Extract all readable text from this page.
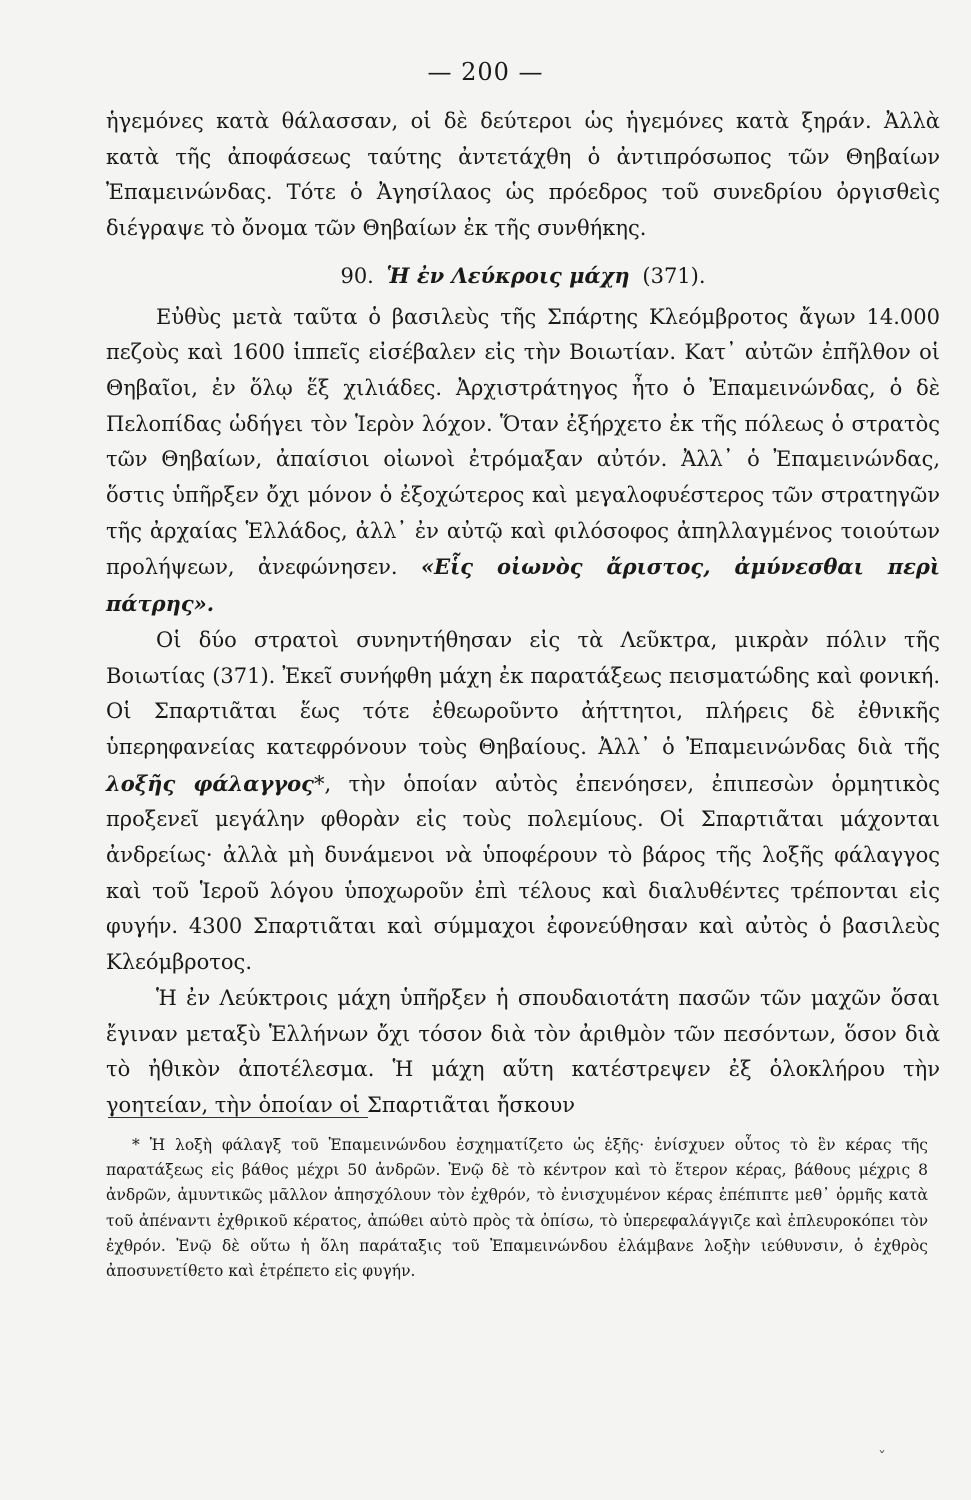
— 200 —

ἡγεμόνες κατὰ θάλασσαν, οἱ δὲ δεύτεροι ὡς ἡγεμόνες κατὰ ξηράν. Ἀλλὰ κατὰ τῆς ἀποφάσεως ταύτης ἀντετάχθη ὁ ἀντιπρόσωπος τῶν Θηβαίων Ἐπαμεινώνδας. Τότε ὁ Ἀγησίλαος ὡς πρόεδρος τοῦ συνεδρίου ὀργισθεὶς διέγραψε τὸ ὄνομα τῶν Θηβαίων ἐκ τῆς συνθήκης.

90. Ἡ ἐν Λεύκροις μάχη (371).

Εὐθὺς μετὰ ταῦτα ὁ βασιλεὺς τῆς Σπάρτης Κλεόμβροτος ἄγων 14.000 πεζοὺς καὶ 1600 ἱππεῖς εἰσέβαλεν εἰς τὴν Βοιωτίαν. Κατ᾽ αὐτῶν ἐπῆλθον οἱ Θηβαῖοι, ἐν ὅλῳ ἕξ χιλιάδες. Ἀρχιστράτηγος ἦτο ὁ Ἐπαμεινώνδας, ὁ δὲ Πελοπίδας ὡδήγει τὸν Ἱερὸν λόχον. Ὅταν ἐξήρχετο ἐκ τῆς πόλεως ὁ στρατὸς τῶν Θηβαίων, ἀπαίσιοι οἰωνοὶ ἐτρόμαξαν αὐτόν. Ἀλλ᾽ ὁ Ἐπαμεινώνδας, ὅστις ὑπῆρξεν ὄχι μόνον ὁ ἐξοχώτερος καὶ μεγαλοφυέστερος τῶν στρατηγῶν τῆς ἀρχαίας Ἑλλάδος, ἀλλ᾽ ἐν αὐτῷ καὶ φιλόσοφος ἀπηλλαγμένος τοιούτων προλήψεων, ἀνεφώνησεν. «Εἷς οἰωνὸς ἄριστος, ἀμύνεσθαι περὶ πάτρης».

Οἱ δύο στρατοὶ συνηντήθησαν εἰς τὰ Λεῦκτρα, μικρὰν πόλιν τῆς Βοιωτίας (371). Ἐκεῖ συνήφθη μάχη ἐκ παρατάξεως πεισματώδης καὶ φονική. Οἱ Σπαρτιᾶται ἕως τότε ἐθεωροῦντο ἀήττητοι, πλήρεις δὲ ἐθνικῆς ὑπερηφανείας κατεφρόνουν τοὺς Θηβαίους. Ἀλλ᾽ ὁ Ἐπαμεινώνδας διὰ τῆς λοξῆς φάλαγγος*, τὴν ὁποίαν αὐτὸς ἐπενόησεν, ἐπιπεσὼν ὁρμητικὸς προξενεῖ μεγάλην φθορὰν εἰς τοὺς πολεμίους. Οἱ Σπαρτιᾶται μάχονται ἀνδρείως· ἀλλὰ μὴ δυνάμενοι νὰ ὑποφέρουν τὸ βάρος τῆς λοξῆς φάλαγγος καὶ τοῦ Ἱεροῦ λόγου ὑποχωροῦν ἐπὶ τέλους καὶ διαλυθέντες τρέπονται εἰς φυγήν. 4300 Σπαρτιᾶται καὶ σύμμαχοι ἐφονεύθησαν καὶ αὐτὸς ὁ βασιλεὺς Κλεόμβροτος.

Ἡ ἐν Λεύκτροις μάχη ὑπῆρξεν ἡ σπουδαιοτάτη πασῶν τῶν μαχῶν ὅσαι ἔγιναν μεταξὺ Ἑλλήνων ὄχι τόσον διὰ τὸν ἀριθμὸν τῶν πεσόντων, ὅσον διὰ τὸ ἠθικὸν ἀποτέλεσμα. Ἡ μάχη αὕτη κατέστρεψεν ἐξ ὁλοκλήρου τὴν γοητείαν, τὴν ὁποίαν οἱ Σπαρτιᾶται ἤσκουν

* Ἡ λοξὴ φάλαγξ τοῦ Ἐπαμεινώνδου ἐσχηματίζετο ὡς ἑξῆς· ἐνίσχυεν οὗτος τὸ ἓν κέρας τῆς παρατάξεως εἰς βάθος μέχρι 50 ἀνδρῶν. Ἐνῷ δὲ τὸ κέντρον καὶ τὸ ἕτερον κέρας, βάθους μέχρις 8 ἀνδρῶν, ἀμυντικῶς μᾶλλον ἀπησχόλουν τὸν ἐχθρόν, τὸ ἐνισχυμένον κέρας ἐπέπιπτε μεθ᾽ ὁρμῆς κατὰ τοῦ ἀπέναντι ἐχθρικοῦ κέρατος, ἀπώθει αὐτὸ πρὸς τὰ ὀπίσω, τὸ ὑπερεφαλάγγιζε καὶ ἐπλευροκόπει τὸν ἐχθρόν. Ἐνῷ δὲ οὕτω ἡ ὅλη παράταξις τοῦ Ἐπαμεινώνδου ἐλάμβανε λοξὴν ιεύθυνσιν, ὁ ἐχθρὸς ἀποσυνετίθετο καὶ ἐτρέπετο εἰς φυγήν.

ˇ
